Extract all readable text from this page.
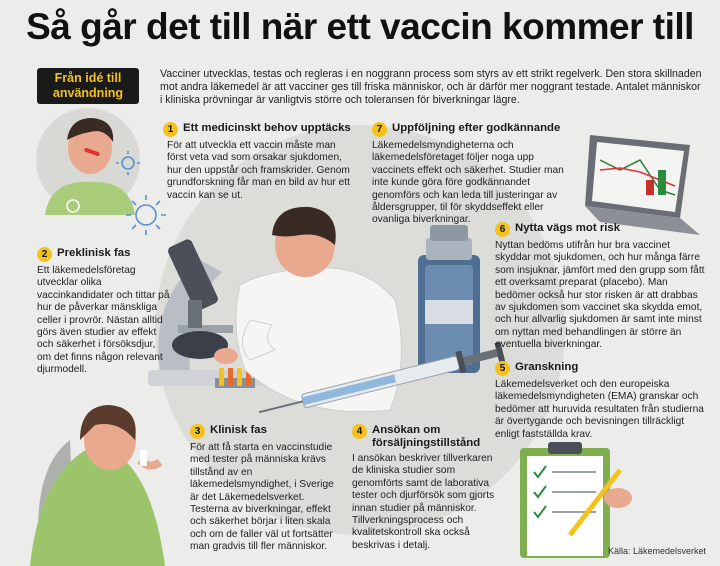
Så går det till när ett vaccin kommer till
Från idé till användning
Vacciner utvecklas, testas och regleras i en noggrann process som styrs av ett strikt regelverk. Den stora skillnaden mot andra läkemedel är att vacciner ges till friska människor, och är därför mer noggrant testade. Antalet människor i kliniska prövningar är vanligtvis större och toleransen för biverkningar lägre.
1 Ett medicinskt behov upptäcks
För att utveckla ett vaccin måste man först veta vad som orsakar sjukdomen, hur den uppstår och framskrider. Genom grundforskning får man en bild av hur ett vaccin kan se ut.
2 Preklinisk fas
Ett läkemedelsföretag utvecklar olika vaccinkandidater och tittar på hur de påverkar mänskliga celler i provrör. Nästan alltid görs även studier av effekt och säkerhet i försöksdjur, om det finns någon relevant djurmodell.
3 Klinisk fas
För att få starta en vaccinstudie med tester på människa krävs tillstånd av en läkemedelsmyndighet, i Sverige är det Läkemedelsverket. Testerna av biverkningar, effekt och säkerhet börjar i liten skala och om de faller väl ut fortsätter man gradvis till fler människor.
4 Ansökan om försäljningstillstånd
I ansökan beskriver tillverkaren de kliniska studier som genomförts samt de laborativa tester och djurförsök som gjorts innan studier på människor. Tillverkningsprocess och kvalitetskontroll ska också beskrivas i detalj.
5 Granskning
Läkemedelsverket och den europeiska läkemedelsmyndigheten (EMA) granskar och bedömer att huruvida resultaten från studierna är övertygande och bevisningen tillräckligt enligt fastställda krav.
6 Nytta vägs mot risk
Nyttan bedöms utifrån hur bra vaccinet skyddar mot sjukdomen, och hur många färre som insjuknar, jämfört med den grupp som fått ett overksamt preparat (placebo). Man bedömer också hur stor risken är att drabbas av sjukdomen som vaccinet ska skydda emot, och hur allvarlig sjukdomen är samt inte minst om nyttan med behandlingen är större än eventuella biverkningar.
7 Uppföljning efter godkännande
Läkemedelsmyndigheterna och läkemedelsföretaget följer noga upp vaccinets effekt och säkerhet. Studier man inte kunde göra före godkännandet genomförs och kan leda till justeringar av åldersgrupper, til för skyddseffekt eller ovanliga biverkningar.
Källa: Läkemedelsverket
